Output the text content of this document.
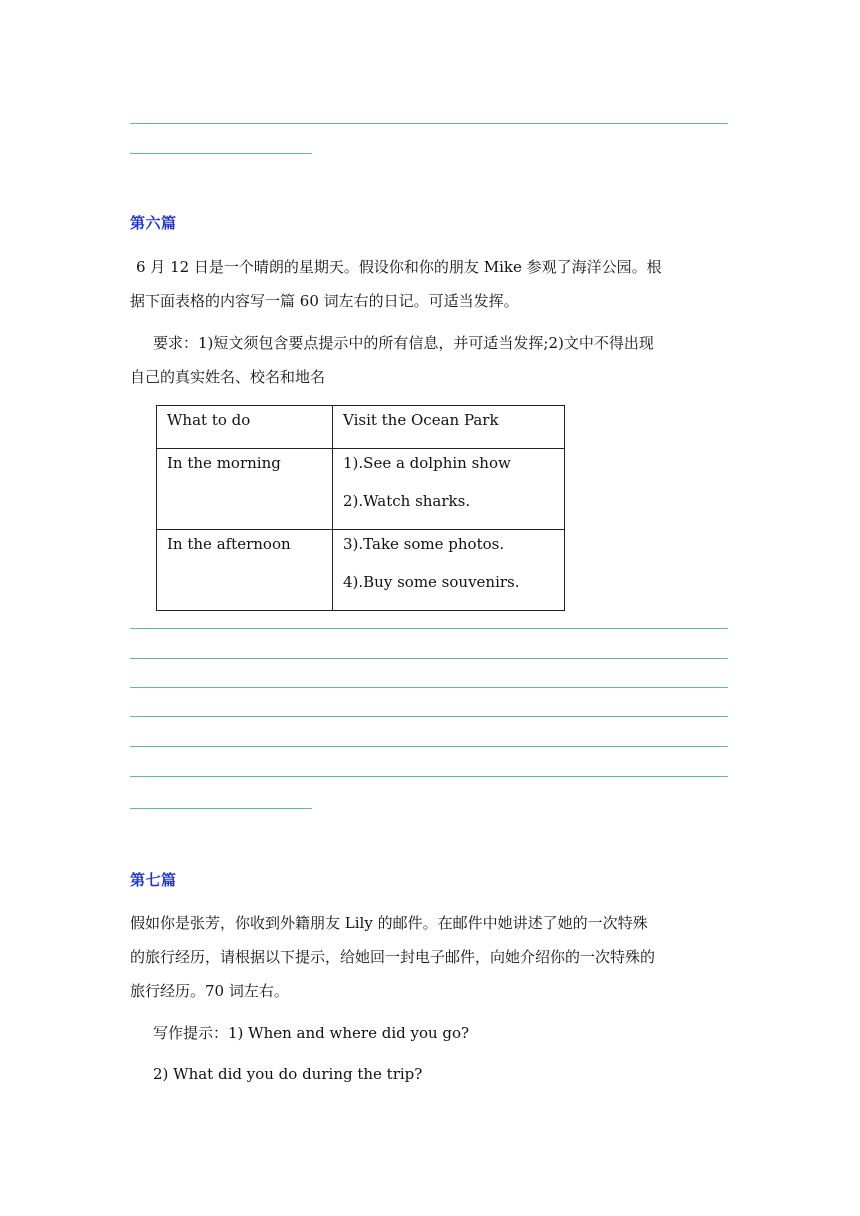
第六篇
6 月 12 日是一个晴朗的星期天。假设你和你的朋友 Mike 参观了海洋公园。根
据下面表格的内容写一篇 60 词左右的日记。可适当发挥。
要求：1)短文须包含要点提示中的所有信息，并可适当发挥;2)文中不得出现
自己的真实姓名、校名和地名
What to do	Visit the Ocean Park

In the morning	1).See a dolphin show

2).Watch sharks.

In the afternoon	3).Take some photos.

4).Buy some souvenirs.

第七篇
假如你是张芳，你收到外籍朋友 Lily 的邮件。在邮件中她讲述了她的一次特殊
的旅行经历，请根据以下提示，给她回一封电子邮件，向她介绍你的一次特殊的
旅行经历。70 词左右。
写作提示：1) When and where did you go?
2) What did you do during the trip?
